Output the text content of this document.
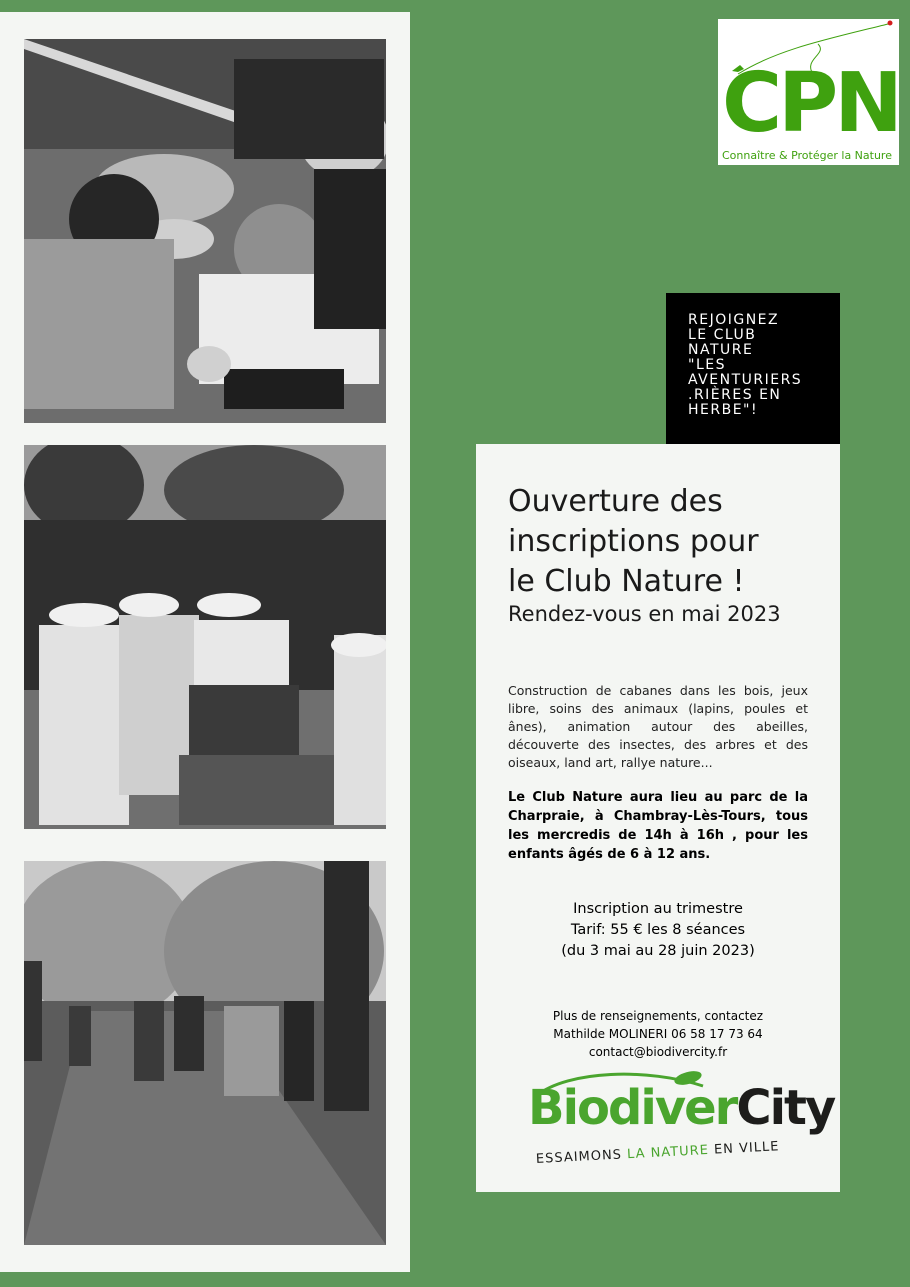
CPN
Connaître & Protéger la Nature
REJOIGNEZ
LE CLUB
NATURE
"LES
AVENTURIERS
.RIÈRES EN
HERBE"!
Ouverture des
inscriptions pour
le Club Nature !
Rendez-vous en mai 2023
Construction de cabanes dans les bois, jeux libre, soins des animaux (lapins, poules et ânes), animation autour des abeilles, découverte des insectes, des arbres et des oiseaux, land art, rallye nature...
Le Club Nature aura lieu au parc de la Charpraie, à Chambray-Lès-Tours, tous les mercredis de 14h à 16h , pour les enfants âgés de 6 à 12 ans.
Inscription au trimestre
Tarif: 55 € les 8 séances
(du 3 mai au 28 juin 2023)
Plus de renseignements, contactez
Mathilde MOLINERI 06 58 17 73 64
contact@biodivercity.fr
BiodiverCity
ESSAIMONS LA NATURE EN VILLE
